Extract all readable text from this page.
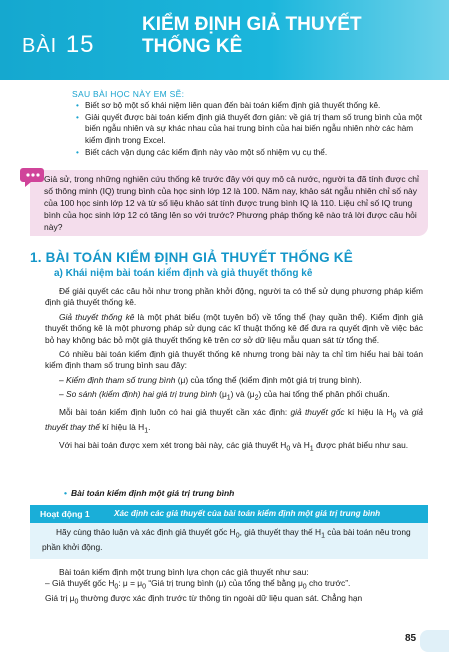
BÀI 15
KIỂM ĐỊNH GIẢ THUYẾT
THỐNG KÊ
SAU BÀI HỌC NÀY EM SẼ:
• Biết sơ bộ một số khái niệm liên quan đến bài toán kiểm định giả thuyết thống kê.
• Giải quyết được bài toán kiểm định giả thuyết đơn giản: về giá trị tham số trung bình của một biến ngẫu nhiên và sự khác nhau của hai trung bình của hai biến ngẫu nhiên nhờ các hàm kiểm định trong Excel.
• Biết cách vận dụng các kiểm định này vào một số nhiệm vụ cụ thể.

Giả sử, trong những nghiên cứu thống kê trước đây với quy mô cả nước, người ta đã tính được chỉ số thông minh (IQ) trung bình của học sinh lớp 12 là 100. Năm nay, khảo sát ngẫu nhiên chỉ số này của 100 học sinh lớp 12 và từ số liệu khảo sát tính được trung bình IQ là 110. Liệu chỉ số IQ trung bình của học sinh lớp 12 có tăng lên so với trước? Phương pháp thống kê nào trả lời được câu hỏi này?

1. BÀI TOÁN KIỂM ĐỊNH GIẢ THUYẾT THỐNG KÊ
a) Khái niệm bài toán kiểm định và giả thuyết thống kê

Để giải quyết các câu hỏi như trong phần khởi động, người ta có thể sử dụng phương pháp kiểm định giả thuyết thống kê.

Giả thuyết thống kê là một phát biểu (một tuyên bố) về tổng thể (hay quần thể). Kiểm định giả thuyết thống kê là một phương pháp sử dụng các kĩ thuật thống kê để đưa ra quyết định về việc bác bỏ hay không bác bỏ một giả thuyết thống kê trên cơ sở dữ liệu mẫu quan sát từ tổng thể.

Có nhiều bài toán kiểm định giả thuyết thống kê nhưng trong bài này ta chỉ tìm hiểu hai bài toán kiểm định tham số trung bình sau đây:

– Kiểm định tham số trung bình (μ) của tổng thể (kiểm định một giá trị trung bình).

– So sánh (kiểm định) hai giá trị trung bình $(\mu_1)$ và $(\mu_2)$ của hai tổng thể phân phối chuẩn.

Mỗi bài toán kiểm định luôn có hai giả thuyết cần xác định: giả thuyết gốc kí hiệu là $H_0$ và giả thuyết thay thế kí hiệu là $H_1$.

Với hai bài toán được xem xét trong bài này, các giả thuyết $H_0$ và $H_1$ được phát biểu như sau.

• Bài toán kiểm định một giá trị trung bình
Hoạt động 1	Xác định các giả thuyết của bài toán kiểm định một giá trị trung bình

Hãy cùng thảo luận và xác định giả thuyết gốc $H_0$, giả thuyết thay thế $H_1$ của bài toán nêu trong phần khởi động.

Bài toán kiểm định một trung bình lựa chọn các giả thuyết như sau:

– Giả thuyết gốc $H_0$: $\mu = \mu_0$ “Giá trị trung bình (μ) của tổng thể bằng $\mu_0$ cho trước”.

Giá trị $\mu_0$ thường được xác định trước từ thông tin ngoài dữ liệu quan sát. Chẳng hạn

85
